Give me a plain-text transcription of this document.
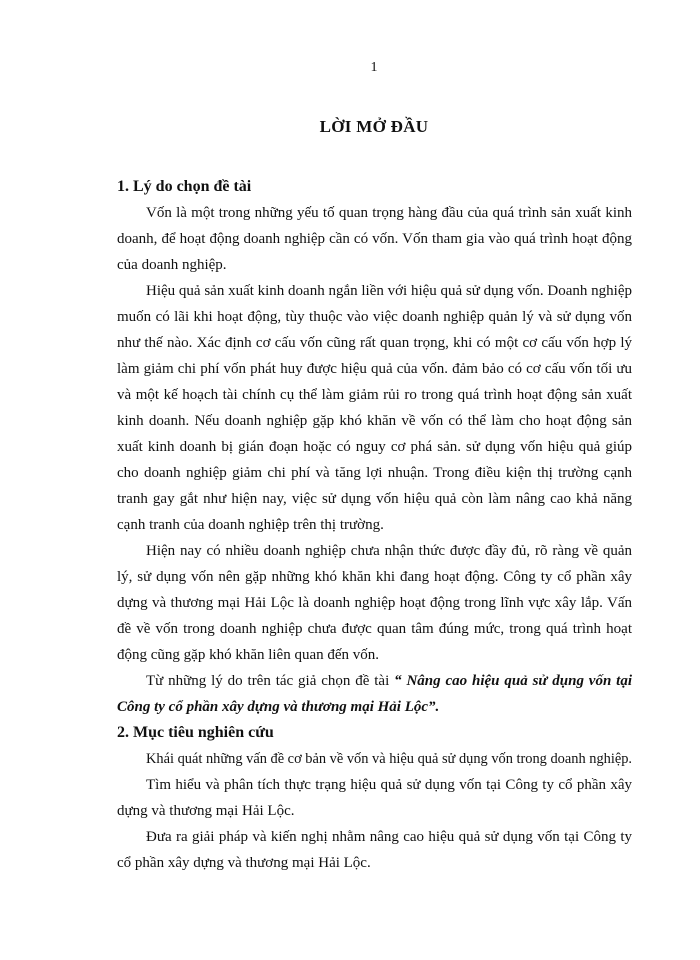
1
LỜI MỞ ĐẦU

1. Lý do chọn đề tài

Vốn là một trong những yếu tố quan trọng hàng đầu của quá trình sản xuất kinh doanh, để hoạt động doanh nghiệp cần có vốn. Vốn tham gia vào quá trình hoạt động của doanh nghiệp.

Hiệu quả sản xuất kinh doanh ngắn liền với hiệu quả sử dụng vốn. Doanh nghiệp muốn có lãi khi hoạt động, tùy thuộc vào việc doanh nghiệp quản lý và sử dụng vốn như thế nào. Xác định cơ cấu vốn cũng rất quan trọng, khi có một cơ cấu vốn hợp lý làm giảm chi phí vốn phát huy được hiệu quả của vốn. đảm bảo có cơ cấu vốn tối ưu và một kế hoạch tài chính cụ thể làm giảm rủi ro trong quá trình hoạt động sản xuất kinh doanh. Nếu doanh nghiệp gặp khó khăn về vốn có thể làm cho hoạt động sản xuất kinh doanh bị gián đoạn hoặc có nguy cơ phá sản. sử dụng vốn hiệu quả giúp cho doanh nghiệp giảm chi phí và tăng lợi nhuận. Trong điều kiện thị trường cạnh tranh gay gắt như hiện nay, việc sử dụng vốn hiệu quả còn làm nâng cao khả năng cạnh tranh của doanh nghiệp trên thị trường.

Hiện nay có nhiều doanh nghiệp chưa nhận thức được đầy đủ, rõ ràng về quản lý, sử dụng vốn nên gặp những khó khăn khi đang hoạt động. Công ty cổ phần xây dựng và thương mại Hải Lộc là doanh nghiệp hoạt động trong lĩnh vực xây lắp. Vấn đề về vốn trong doanh nghiệp chưa được quan tâm đúng mức, trong quá trình hoạt động cũng gặp khó khăn liên quan đến vốn.

Từ những lý do trên tác giả chọn đề tài “ Nâng cao hiệu quả sử dụng vốn tại Công ty cổ phần xây dựng và thương mại Hải Lộc”.

2. Mục tiêu nghiên cứu

Khái quát những vấn đề cơ bản về vốn và hiệu quả sử dụng vốn trong doanh nghiệp.

Tìm hiểu và phân tích thực trạng hiệu quả sử dụng vốn tại Công ty cổ phần xây dựng và thương mại Hải Lộc.

Đưa ra giải pháp và kiến nghị nhằm nâng cao hiệu quả sử dụng vốn tại Công ty cổ phần xây dựng và thương mại Hải Lộc.
